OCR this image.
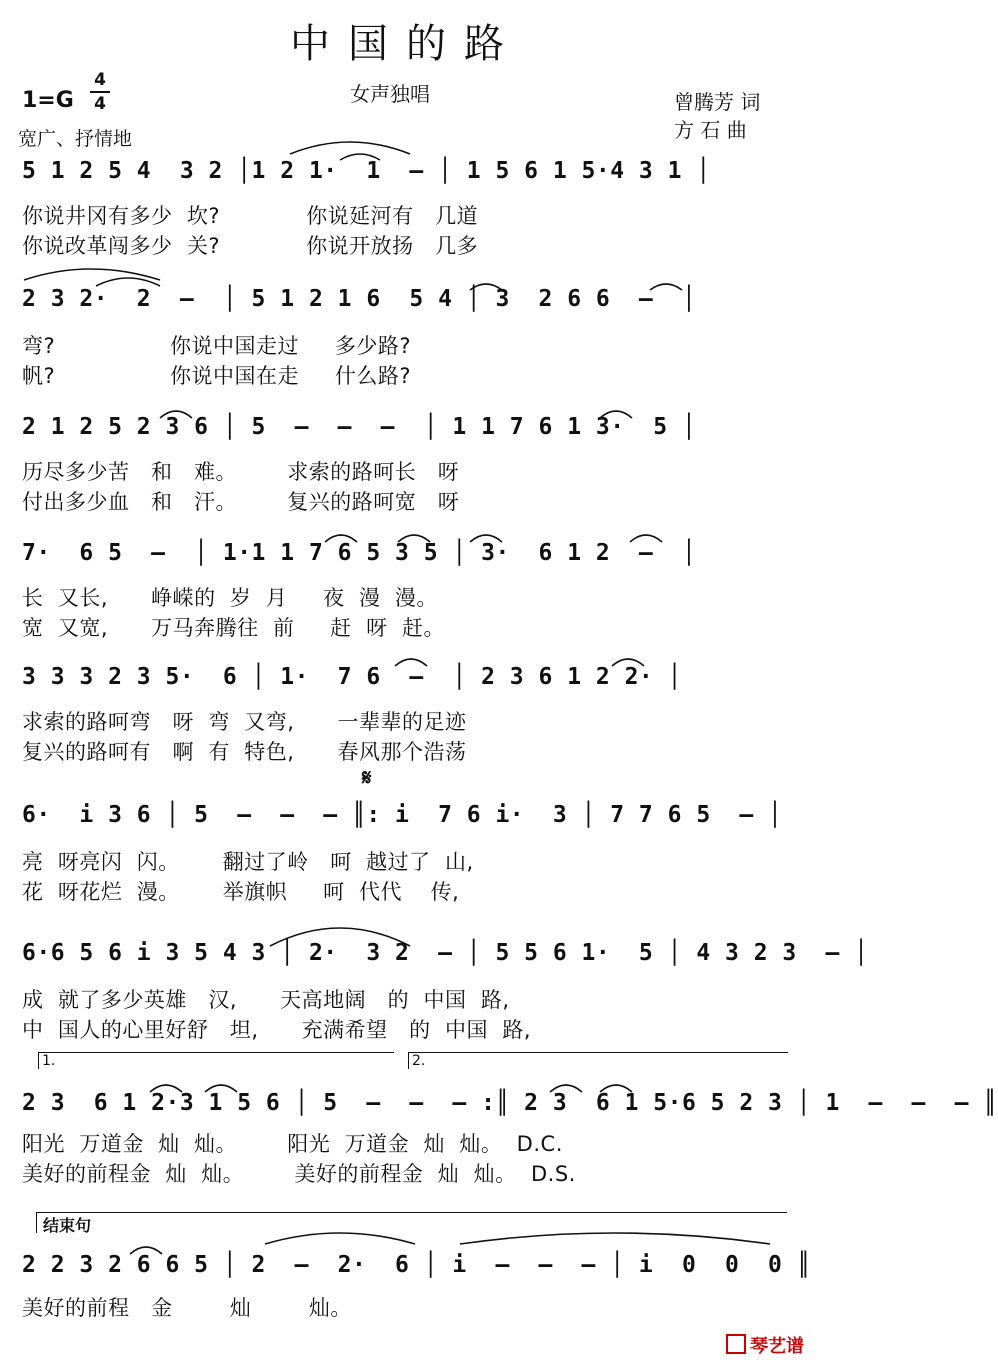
中国的路
1=G
4
4	女声独唱	曾腾芳 词
方 石 曲
宽广、抒情地
5 1 2 5 4  3 2 │1 2 1·  1  – │ 1 5 6 1 5·4 3 1 │
你说井冈有多少  坎?            你说延河有   几道
你说改革闯多少  关?            你说开放扬   几多
2 3 2·  2  –  │ 5 1 2 1 6  5 4 │ 3  2 6 6  –  │
弯?                你说中国走过     多少路?
帆?                你说中国在走     什么路?
2 1 2 5 2 3 6 │ 5  –  –  –  │ 1 1 7 6 1 3·  5 │
历尽多少苦   和   难。       求索的路呵长   呀
付出多少血   和   汗。       复兴的路呵宽   呀
7·  6 5  –  │ 1·1 1 7 6 5 3 5 │ 3·  6 1 2  –  │
长  又长,      峥嵘的  岁  月     夜  漫  漫。
宽  又宽,      万马奔腾往  前     赶  呀  赶。
3 3 3 2 3 5·  6 │ 1·  7 6  –  │ 2 3 6 1 2 2· │
求索的路呵弯   呀  弯  又弯,      一辈辈的足迹
复兴的路呵有   啊  有  特色,      春风那个浩荡
𝄋
6·  i 3 6 │ 5  –  –  – ║: i  7 6 i·  3 │ 7 7 6 5  – │
亮  呀亮闪  闪。      翻过了岭   呵  越过了  山,
花  呀花烂  漫。      举旗帜     呵  代代    传,
6·6 5 6 i 3 5 4 3 │ 2·  3 2  – │ 5 5 6 1·  5 │ 4 3 2 3  – │
成  就了多少英雄   汉,      天高地阔   的  中国  路,
中  国人的心里好舒   坦,      充满希望   的  中国  路,
1.	2.
2 3  6 1 2·3 1 5 6 │ 5  –  –  – :║ 2 3  6 1 5·6 5 2 3 │ 1  –  –  – ║
阳光  万道金  灿  灿。       阳光  万道金  灿  灿。  D.C.
美好的前程金  灿  灿。       美好的前程金  灿  灿。  D.S.
结束句
2 2 3 2 6 6 5 │ 2  –  2·  6 │ i  –  –  – │ i  0  0  0 ║
美好的前程   金        灿        灿。
琴艺谱
